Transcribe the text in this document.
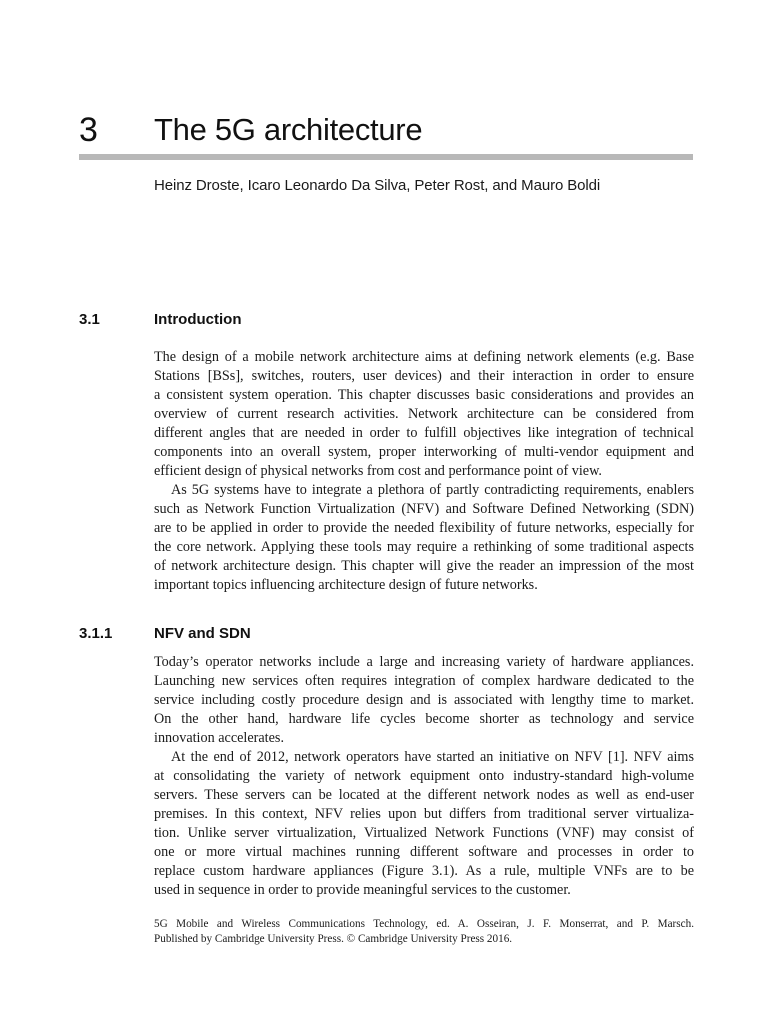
3 The 5G architecture
Heinz Droste, Icaro Leonardo Da Silva, Peter Rost, and Mauro Boldi
3.1	Introduction
The design of a mobile network architecture aims at defining network elements (e.g. Base
Stations [BSs], switches, routers, user devices) and their interaction in order to ensure
a consistent system operation. This chapter discusses basic considerations and provides an
overview of current research activities. Network architecture can be considered from
different angles that are needed in order to fulfill objectives like integration of technical
components into an overall system, proper interworking of multi-vendor equipment and
efficient design of physical networks from cost and performance point of view.
As 5G systems have to integrate a plethora of partly contradicting requirements, enablers
such as Network Function Virtualization (NFV) and Software Defined Networking (SDN)
are to be applied in order to provide the needed flexibility of future networks, especially for
the core network. Applying these tools may require a rethinking of some traditional aspects
of network architecture design. This chapter will give the reader an impression of the most
important topics influencing architecture design of future networks.
3.1.1	NFV and SDN
Today’s operator networks include a large and increasing variety of hardware appliances.
Launching new services often requires integration of complex hardware dedicated to the
service including costly procedure design and is associated with lengthy time to market.
On the other hand, hardware life cycles become shorter as technology and service
innovation accelerates.
At the end of 2012, network operators have started an initiative on NFV [1]. NFV aims
at consolidating the variety of network equipment onto industry-standard high-volume
servers. These servers can be located at the different network nodes as well as end-user
premises. In this context, NFV relies upon but differs from traditional server virtualiza-
tion. Unlike server virtualization, Virtualized Network Functions (VNF) may consist of
one or more virtual machines running different software and processes in order to
replace custom hardware appliances (Figure 3.1). As a rule, multiple VNFs are to be
used in sequence in order to provide meaningful services to the customer.
5G Mobile and Wireless Communications Technology, ed. A. Osseiran, J. F. Monserrat, and P. Marsch.
Published by Cambridge University Press. © Cambridge University Press 2016.
